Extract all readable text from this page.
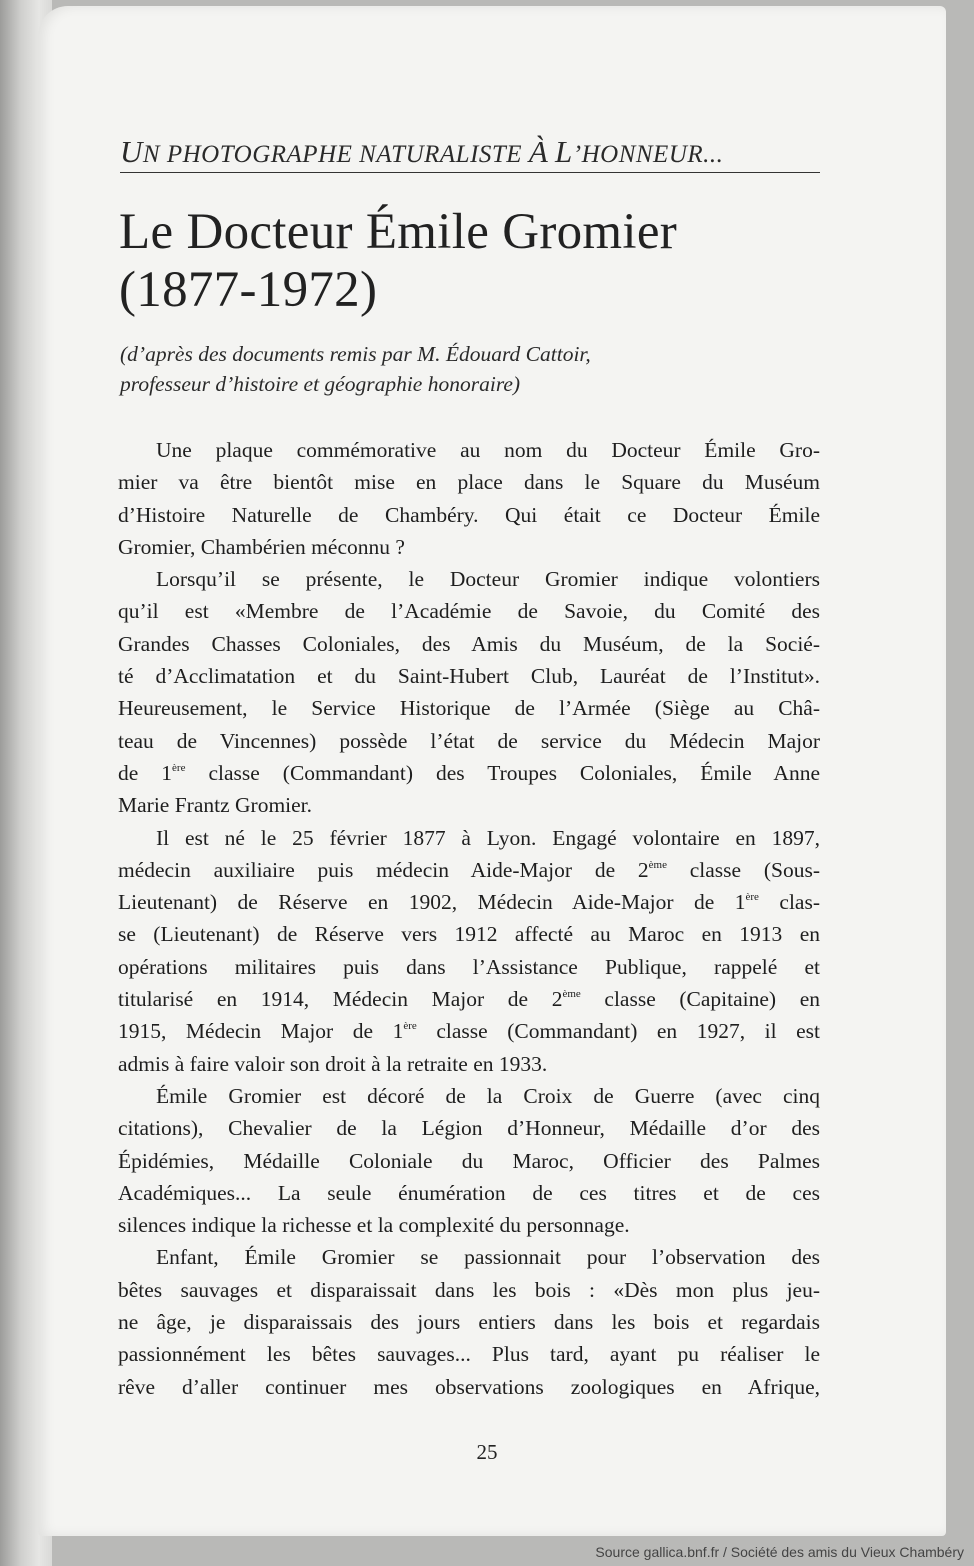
UN PHOTOGRAPHE NATURALISTE À L’HONNEUR...
Le Docteur Émile Gromier
(1877-1972)
(d’après des documents remis par M. Édouard Cattoir,
professeur d’histoire et géographie honoraire)
Une plaque commémorative au nom du Docteur Émile Gro-
mier va être bientôt mise en place dans le Square du Muséum
d’Histoire Naturelle de Chambéry. Qui était ce Docteur Émile
Gromier, Chambérien méconnu ?
Lorsqu’il se présente, le Docteur Gromier indique volontiers
qu’il est «Membre de l’Académie de Savoie, du Comité des
Grandes Chasses Coloniales, des Amis du Muséum, de la Socié-
té d’Acclimatation et du Saint-Hubert Club, Lauréat de l’Institut».
Heureusement, le Service Historique de l’Armée (Siège au Châ-
teau de Vincennes) possède l’état de service du Médecin Major
de 1ère classe (Commandant) des Troupes Coloniales, Émile Anne
Marie Frantz Gromier.
Il est né le 25 février 1877 à Lyon. Engagé volontaire en 1897,
médecin auxiliaire puis médecin Aide-Major de 2ème classe (Sous-
Lieutenant) de Réserve en 1902, Médecin Aide-Major de 1ère clas-
se (Lieutenant) de Réserve vers 1912 affecté au Maroc en 1913 en
opérations militaires puis dans l’Assistance Publique, rappelé et
titularisé en 1914, Médecin Major de 2ème classe (Capitaine) en
1915, Médecin Major de 1ère classe (Commandant) en 1927, il est
admis à faire valoir son droit à la retraite en 1933.
Émile Gromier est décoré de la Croix de Guerre (avec cinq
citations), Chevalier de la Légion d’Honneur, Médaille d’or des
Épidémies, Médaille Coloniale du Maroc, Officier des Palmes
Académiques... La seule énumération de ces titres et de ces
silences indique la richesse et la complexité du personnage.
Enfant, Émile Gromier se passionnait pour l’observation des
bêtes sauvages et disparaissait dans les bois : «Dès mon plus jeu-
ne âge, je disparaissais des jours entiers dans les bois et regardais
passionnément les bêtes sauvages... Plus tard, ayant pu réaliser le
rêve d’aller continuer mes observations zoologiques en Afrique,
25
Source gallica.bnf.fr / Société des amis du Vieux Chambéry
